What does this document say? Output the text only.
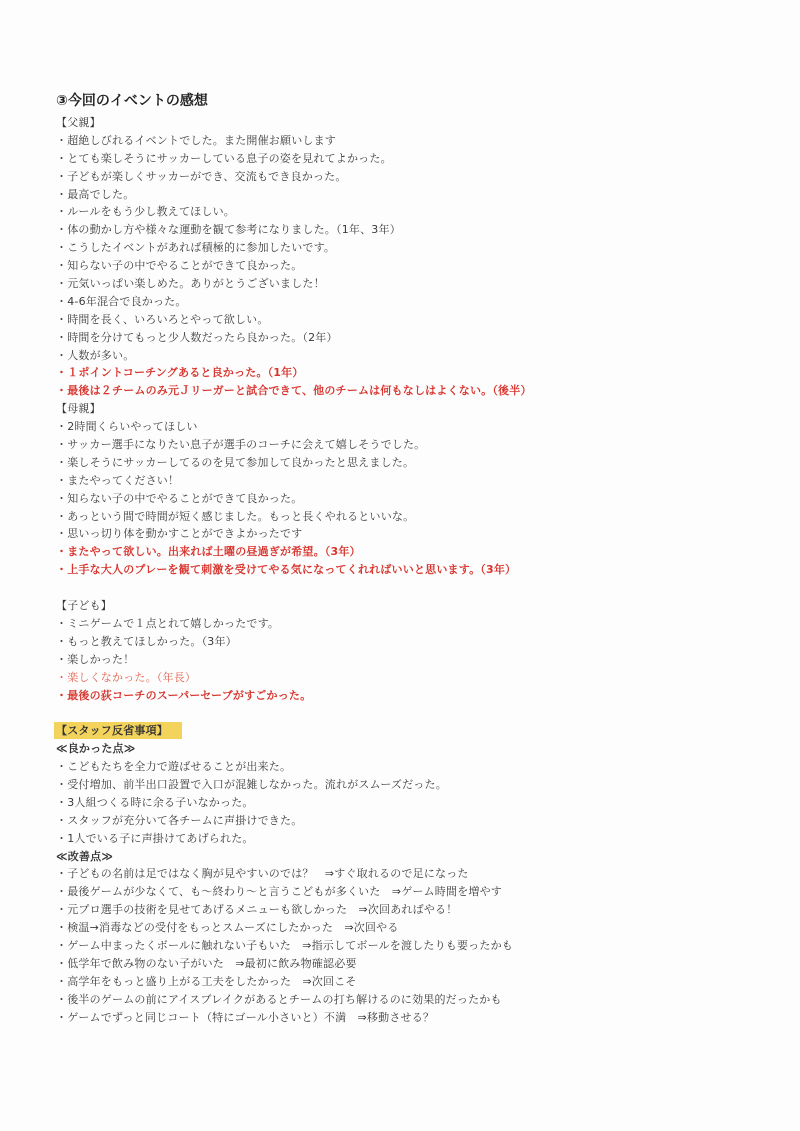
③今回のイベントの感想
【父親】
・超絶しびれるイベントでした。また開催お願いします
・とても楽しそうにサッカーしている息子の姿を見れてよかった。
・子どもが楽しくサッカーができ、交流もでき良かった。
・最高でした。
・ルールをもう少し教えてほしい。
・体の動かし方や様々な運動を観て参考になりました。（1年、3年）
・こうしたイベントがあれば積極的に参加したいです。
・知らない子の中でやることができて良かった。
・元気いっぱい楽しめた。ありがとうございました！
・4-6年混合で良かった。
・時間を長く、いろいろとやって欲しい。
・時間を分けてもっと少人数だったら良かった。（2年）
・人数が多い。
・１ポイントコーチングあると良かった。（1年）
・最後は２チームのみ元Ｊリーガーと試合できて、他のチームは何もなしはよくない。（後半）
【母親】
・2時間くらいやってほしい
・サッカー選手になりたい息子が選手のコーチに会えて嬉しそうでした。
・楽しそうにサッカーしてるのを見て参加して良かったと思えました。
・またやってください！
・知らない子の中でやることができて良かった。
・あっという間で時間が短く感じました。もっと長くやれるといいな。
・思いっ切り体を動かすことができよかったです
・またやって欲しい。出来れば土曜の昼過ぎが希望。（3年）
・上手な大人のプレーを観て刺激を受けてやる気になってくれればいいと思います。（3年）
【子ども】
・ミニゲームで１点とれて嬉しかったです。
・もっと教えてほしかった。（3年）
・楽しかった！
・楽しくなかった。（年長）
・最後の荻コーチのスーパーセーブがすごかった。
【スタッフ反省事項】
≪良かった点≫
・こどもたちを全力で遊ばせることが出来た。
・受付増加、前半出口設置で入口が混雑しなかった。流れがスムーズだった。
・3人組つくる時に余る子いなかった。
・スタッフが充分いて各チームに声掛けできた。
・1人でいる子に声掛けてあげられた。
≪改善点≫
・子どもの名前は足ではなく胸が見やすいのでは？　⇒すぐ取れるので足になった
・最後ゲームが少なくて、も～終わり～と言うこどもが多くいた　⇒ゲーム時間を増やす
・元プロ選手の技術を見せてあげるメニューも欲しかった　⇒次回あればやる！
・検温→消毒などの受付をもっとスムーズにしたかった　⇒次回やる
・ゲーム中まったくボールに触れない子もいた　⇒指示してボールを渡したりも要ったかも
・低学年で飲み物のない子がいた　⇒最初に飲み物確認必要
・高学年をもっと盛り上がる工夫をしたかった　⇒次回こそ
・後半のゲームの前にアイスブレイクがあるとチームの打ち解けるのに効果的だったかも
・ゲームでずっと同じコート（特にゴール小さいと）不満　⇒移動させる？
